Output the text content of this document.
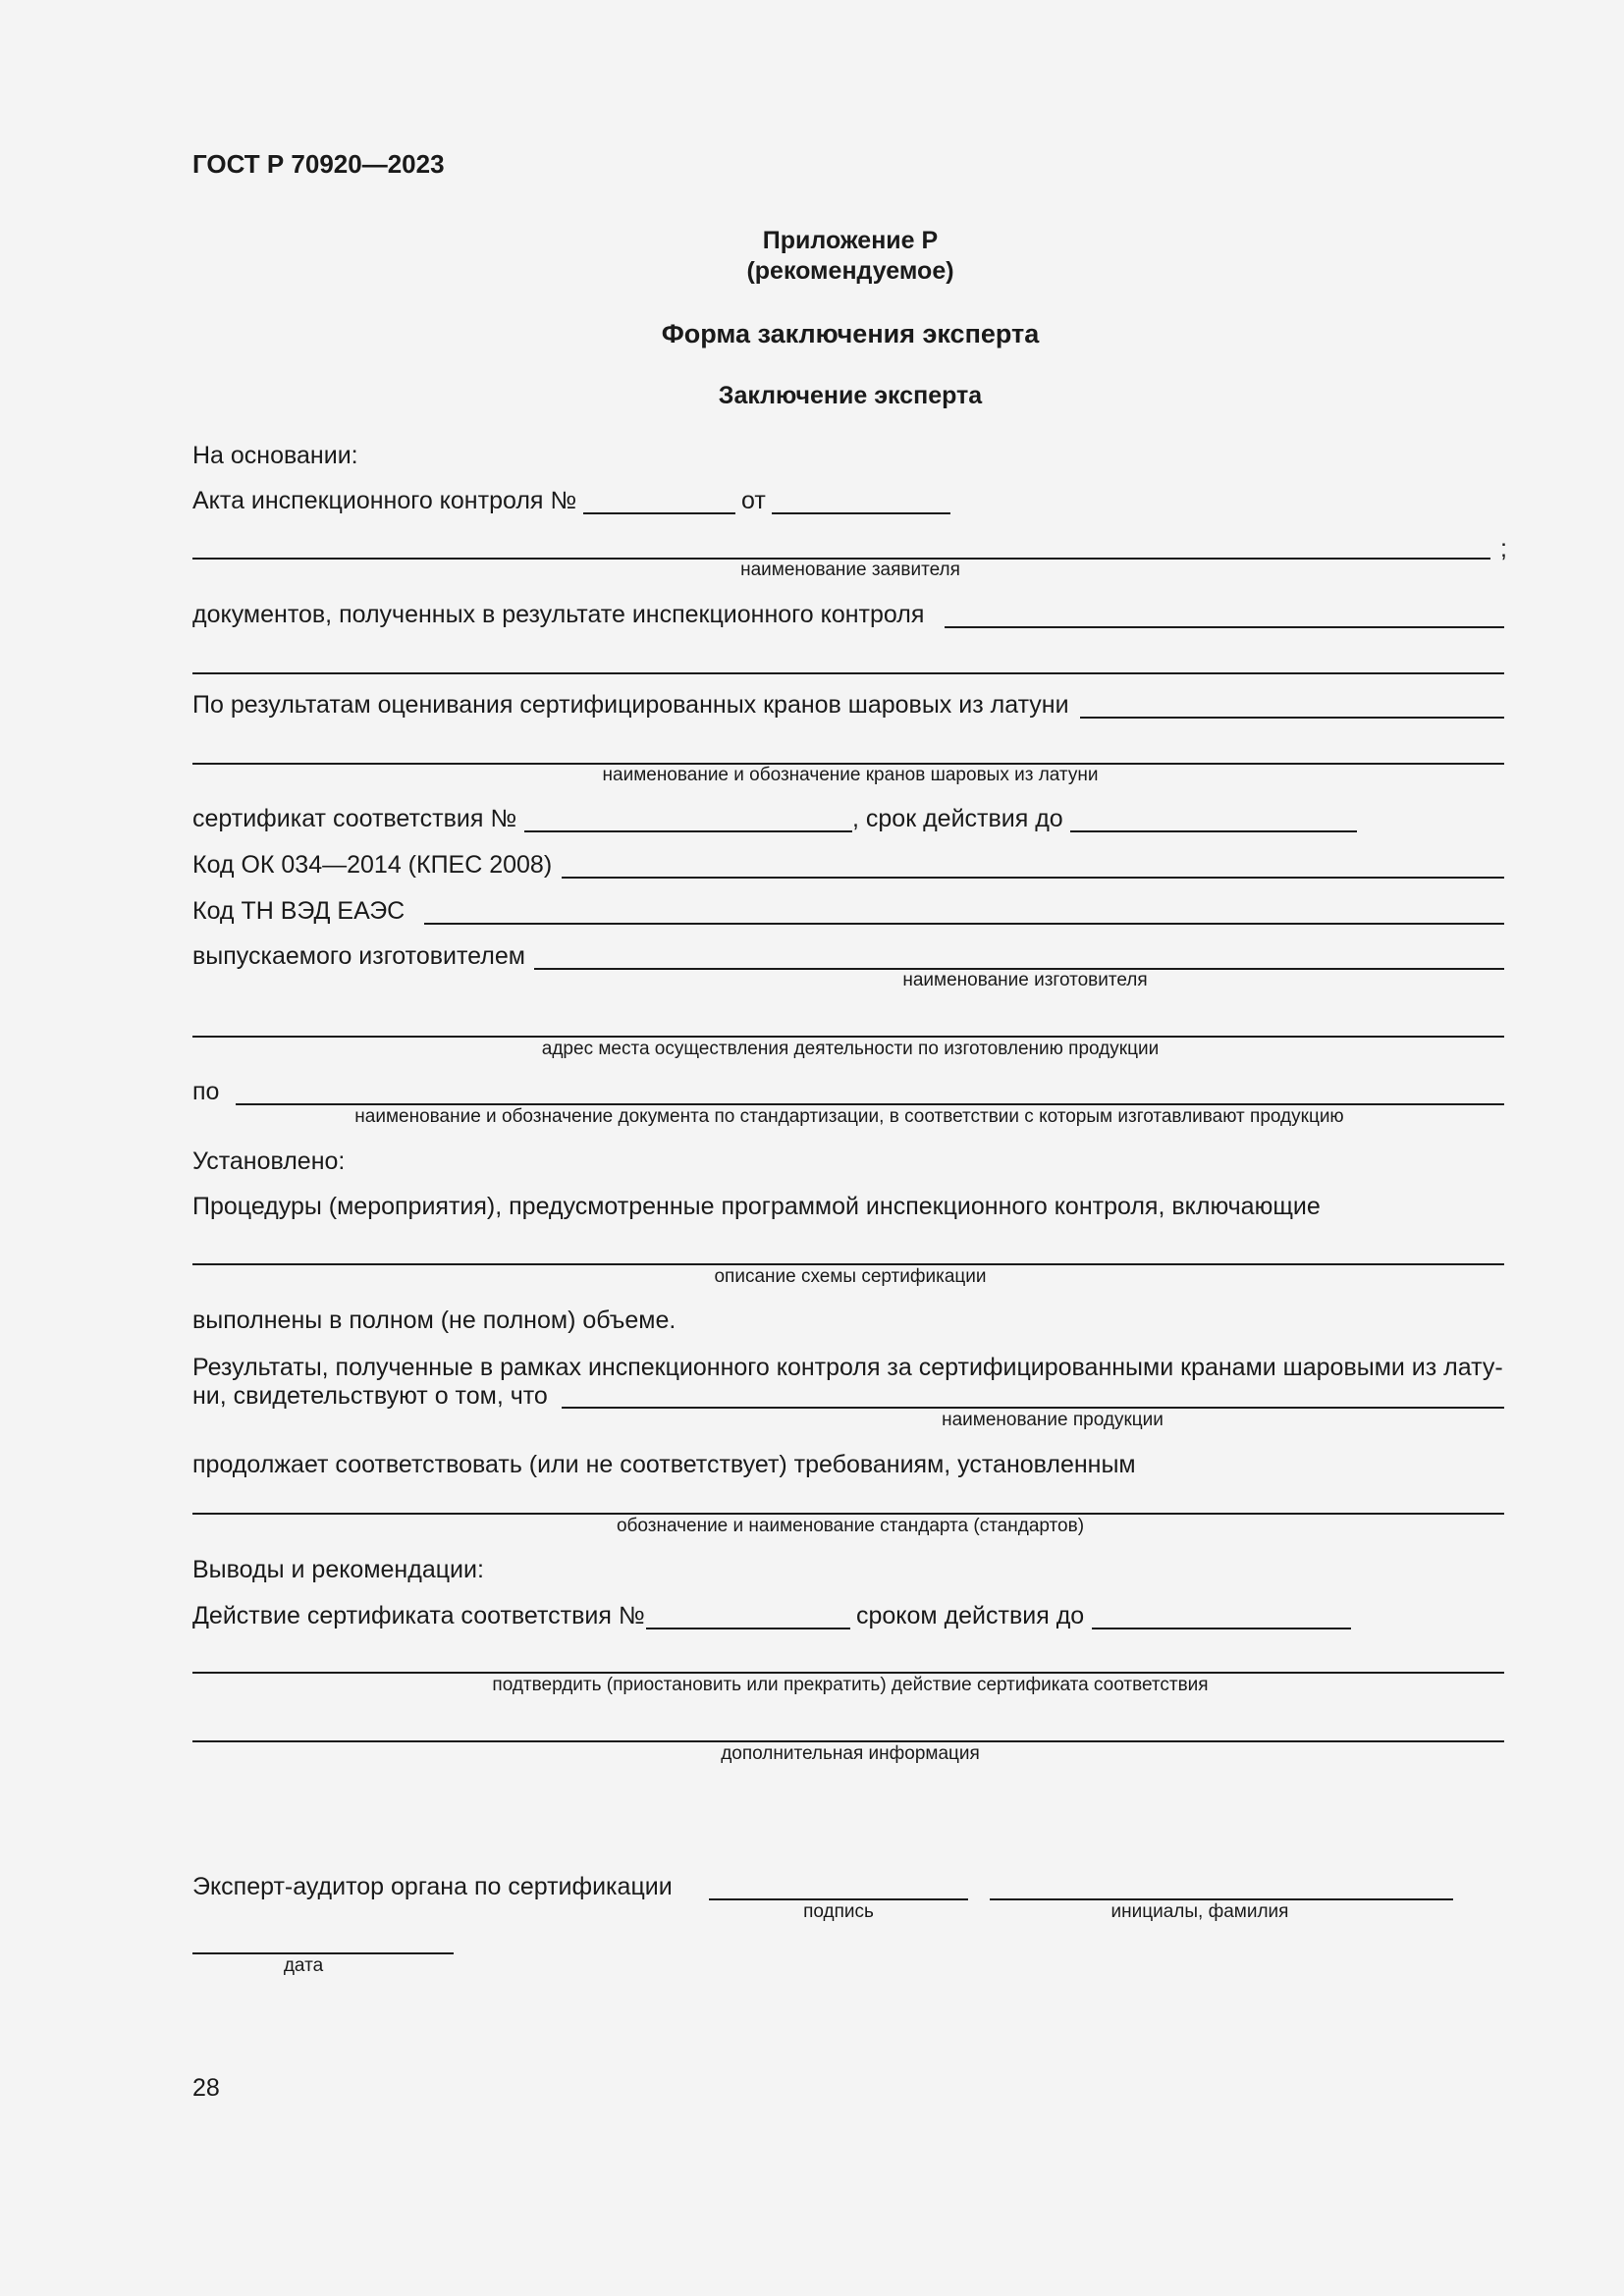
ГОСТ Р 70920—2023
Приложение Р
(рекомендуемое)
Форма заключения эксперта
Заключение эксперта
На основании:
Акта инспекционного контроля №	от
;
наименование заявителя
документов, полученных в результате инспекционного контроля
По результатам оценивания сертифицированных кранов шаровых из латуни
наименование и обозначение кранов шаровых из латуни
сертификат соответствия №	, срок действия до
Код ОК 034—2014 (КПЕС 2008)
Код ТН ВЭД ЕАЭС
выпускаемого изготовителем
наименование изготовителя
адрес места осуществления деятельности по изготовлению продукции
по
наименование и обозначение документа по стандартизации, в соответствии с которым изготавливают продукцию
Установлено:
Процедуры (мероприятия), предусмотренные программой инспекционного контроля, включающие
описание схемы сертификации
выполнены в полном (не полном) объеме.
Результаты, полученные в рамках инспекционного контроля за сертифицированными кранами шаровыми из лату-
ни, свидетельствуют о том, что
наименование продукции
продолжает соответствовать (или не соответствует) требованиям, установленным
обозначение и наименование стандарта (стандартов)
Выводы и рекомендации:
Действие сертификата соответствия №	сроком действия до
подтвердить (приостановить или прекратить) действие сертификата соответствия
дополнительная информация
Эксперт-аудитор органа по сертификации
подпись	инициалы, фамилия
дата
28
